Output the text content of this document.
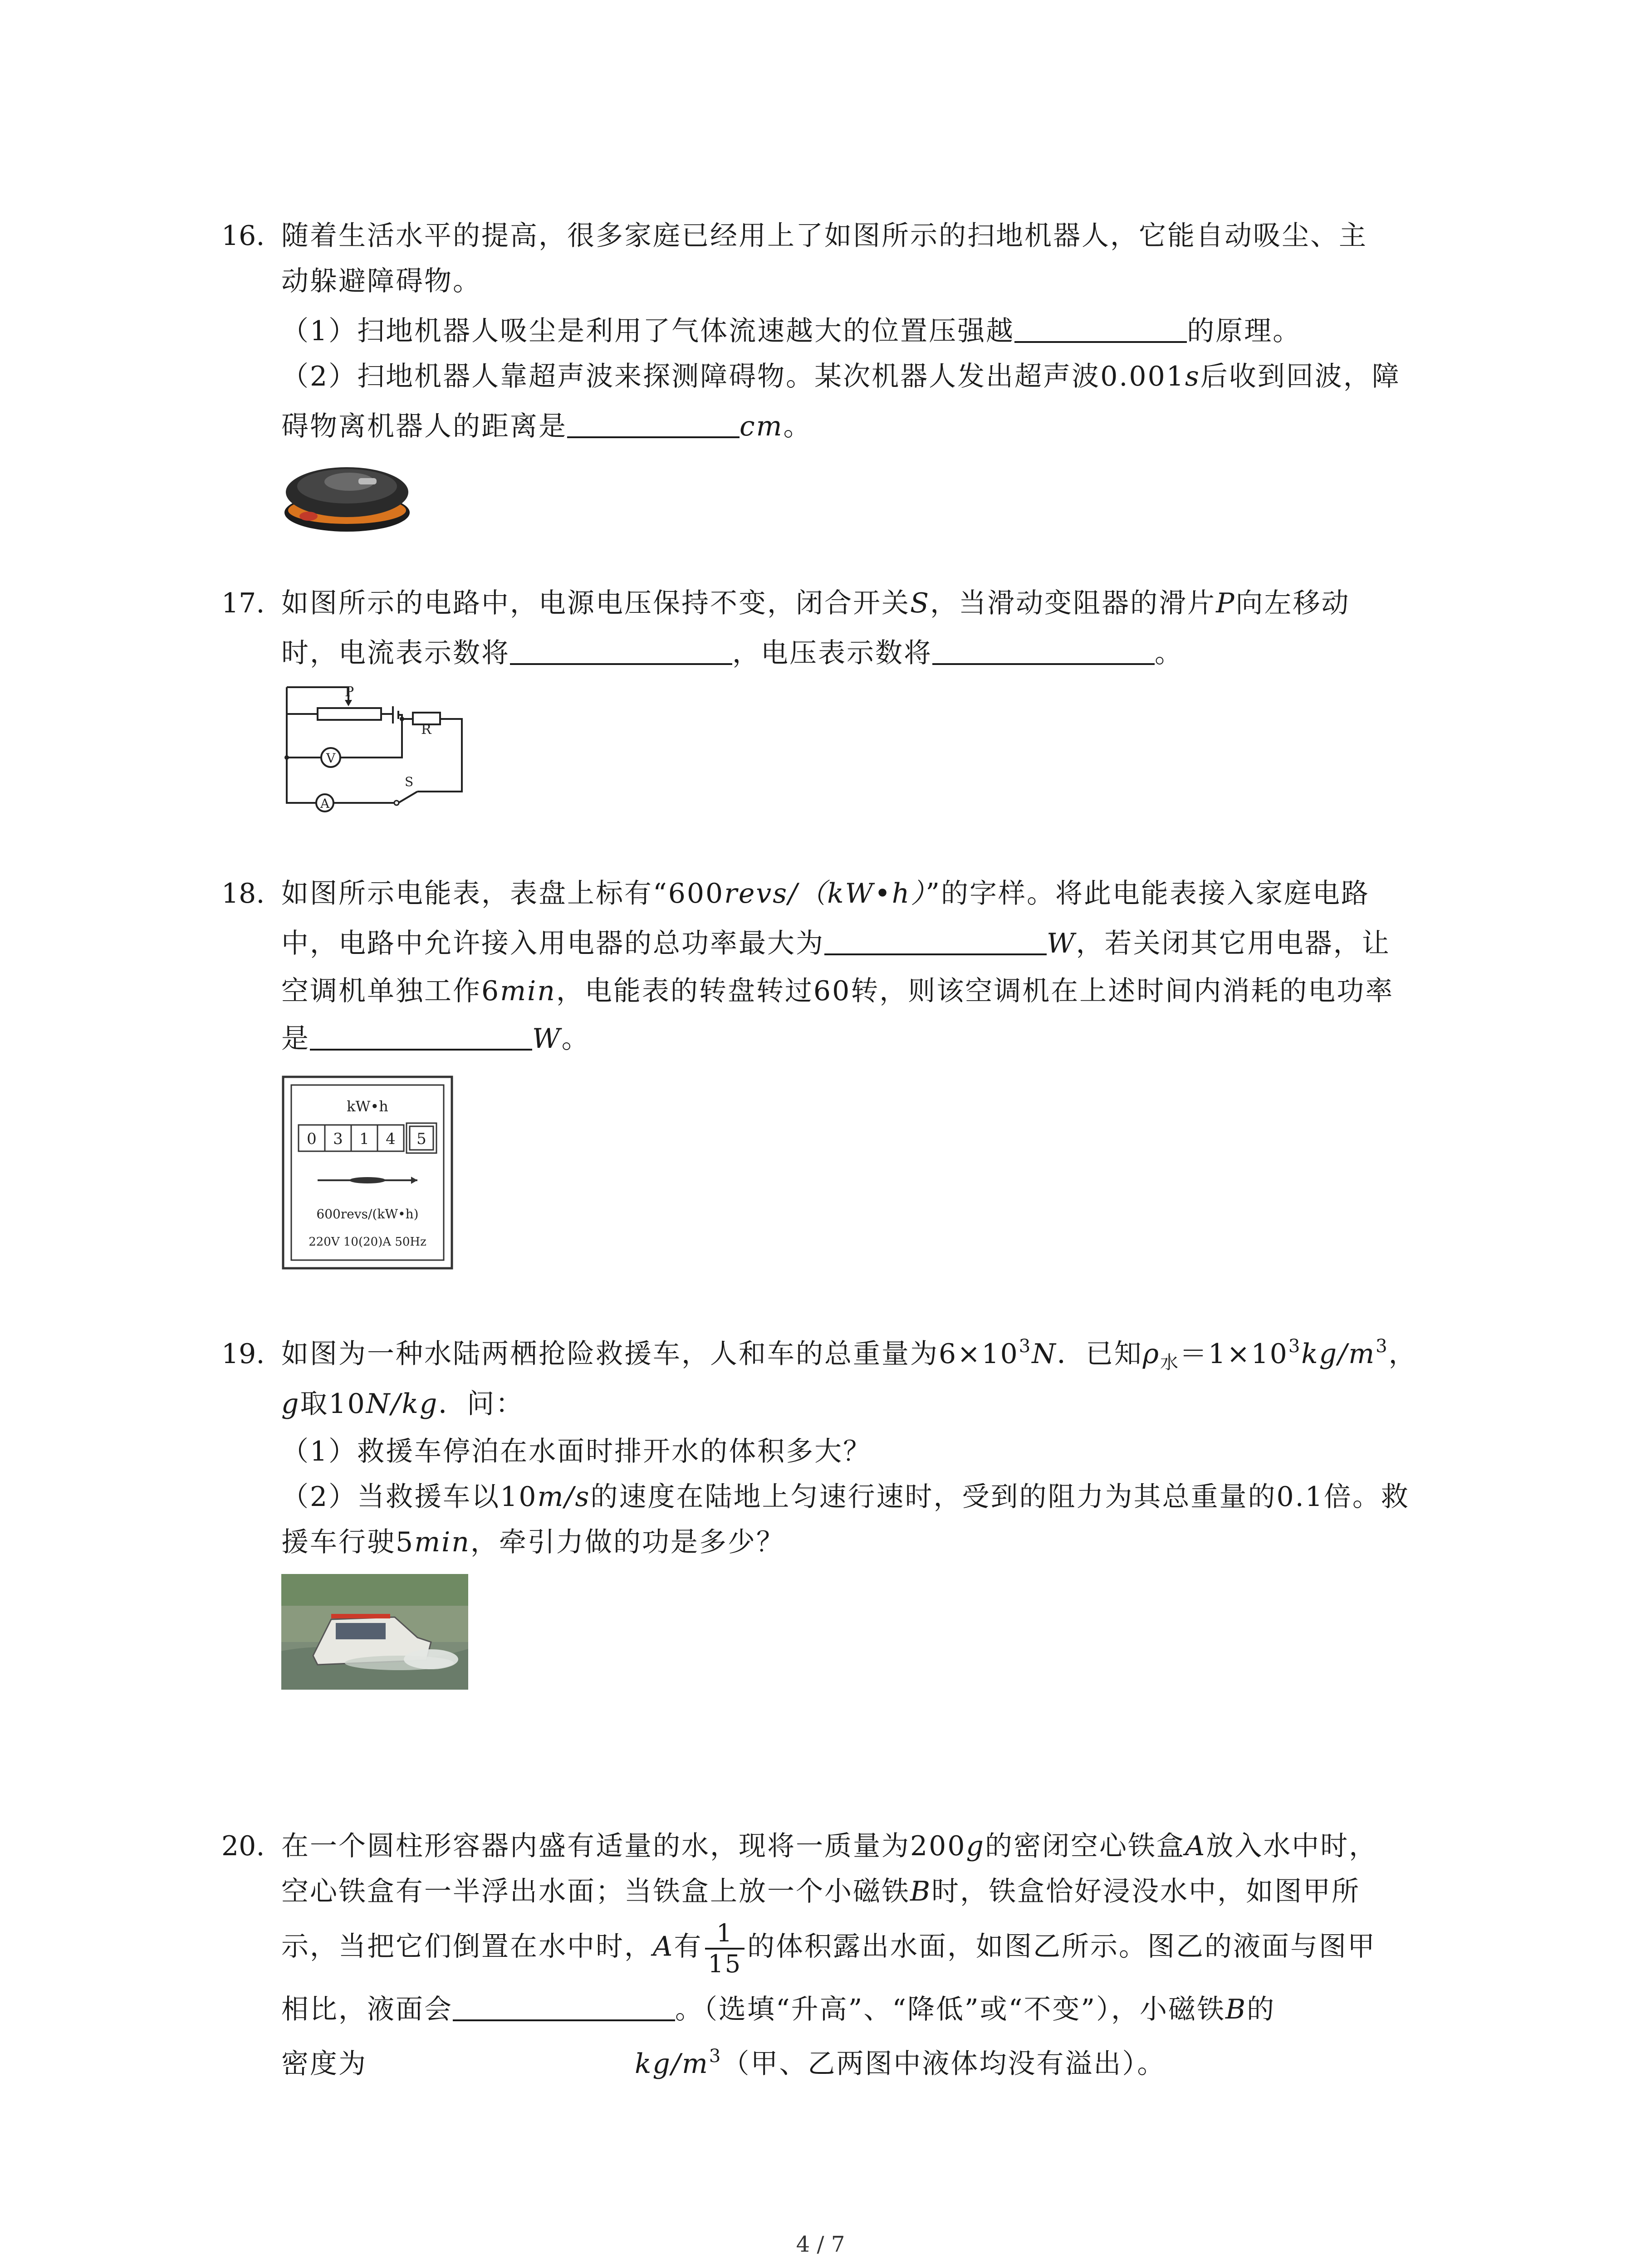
16. 随着生活水平的提高，很多家庭已经用上了如图所示的扫地机器人，它能自动吸尘、主
动躲避障碍物。
（1）扫地机器人吸尘是利用了气体流速越大的位置压强越	的原理。
（2）扫地机器人靠超声波来探测障碍物。某次机器人发出超声波0.001s后收到回波，障
碍物离机器人的距离是	cm。
17. 如图所示的电路中，电源电压保持不变，闭合开关S，当滑动变阻器的滑片P向左移动
时，电流表示数将	，电压表示数将	。
P
R
V
A
S
18. 如图所示电能表，表盘上标有“600revs/（kW•h）”的字样。将此电能表接入家庭电路
中，电路中允许接入用电器的总功率最大为	W，若关闭其它用电器，让
空调机单独工作6min，电能表的转盘转过60转，则该空调机在上述时间内消耗的电功率
是	W。
kW•h
0 3 1 4 5
600revs/(kW•h)
220V 10(20)A 50Hz
19. 如图为一种水陆两栖抢险救援车，人和车的总重量为$6\times 10^3N$．已知$\rho_水=1\times 10^3kg/m^3$，
g取10N/kg．问：
（1）救援车停泊在水面时排开水的体积多大？
（2）当救援车以10m/s的速度在陆地上匀速行速时，受到的阻力为其总重量的0.1倍。救
援车行驶5min，牵引力做的功是多少？
20. 在一个圆柱形容器内盛有适量的水，现将一质量为200g的密闭空心铁盒A放入水中时，
空心铁盒有一半浮出水面；当铁盒上放一个小磁铁B时，铁盒恰好浸没水中，如图甲所
示，当把它们倒置在水中时，A有 $\frac{1}{15}$ 的体积露出水面，如图乙所示。图乙的液面与图甲
相比，液面会	。（选填“升高”、“降低”或“不变”），小磁铁B的
密度为	$kg/m^3$（甲、乙两图中液体均没有溢出）。
4 / 7
